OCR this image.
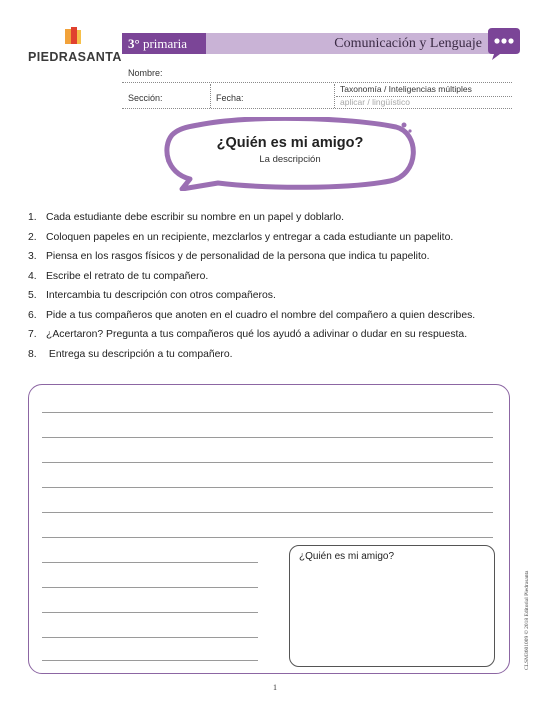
PIEDRASANTA
3° primaria	Comunicación y Lenguaje
Nombre:
Sección:	Fecha:
Taxonomía / Inteligencias múltiples
aplicar / lingüístico
¿Quién es mi amigo?
La descripción
1. Cada estudiante debe escribir su nombre en un papel y doblarlo.
2. Coloquen papeles en un recipiente, mezclarlos y entregar a cada estudiante un papelito.
3. Piensa en los rasgos físicos y de personalidad de la persona que indica tu papelito.
4. Escribe el retrato de tu compañero.
5. Intercambia tu descripción con otros compañeros.
6. Pide a tus compañeros que anoten en el cuadro el nombre del compañero a quien describes.
7. ¿Acertaron? Pregunta a tus compañeros qué los ayudó a adivinar o dudar en su respuesta.
8. Entrega su descripción a tu compañero.
¿Quién es mi amigo?
1
CLSM3601009 © 2018 Editorial Piedrasanta
